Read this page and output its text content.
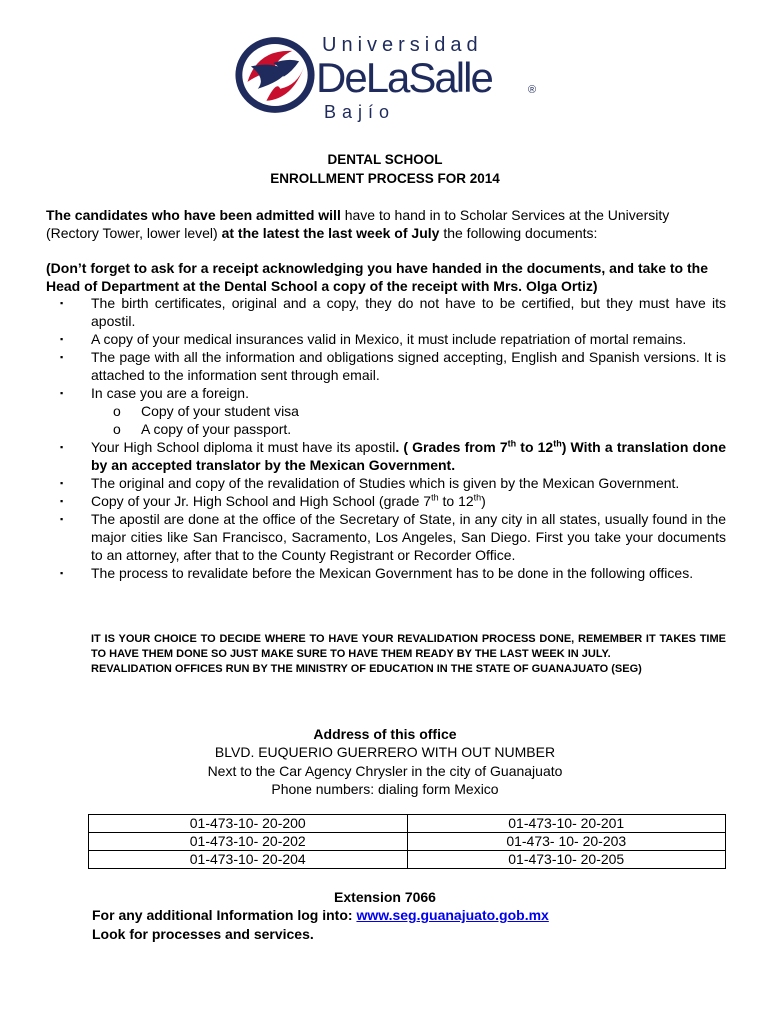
Universidad
DeLaSalle	®
Bajío
DENTAL SCHOOL
ENROLLMENT PROCESS FOR 2014

The candidates who have been admitted will have to hand in to Scholar Services at the University (Rectory Tower, lower level) at the latest the last week of July the following documents:

(Don’t forget to ask for a receipt acknowledging you have handed in the documents, and take to the Head of Department at the Dental School a copy of the receipt with Mrs. Olga Ortiz)

▪ The birth certificates, original and a copy, they do not have to be certified, but they must have its apostil.
▪ A copy of your medical insurances valid in Mexico, it must include repatriation of mortal remains.
▪ The page with all the information and obligations signed accepting, English and Spanish versions. It is attached to the information sent through email.
▪ In case you are a foreign.
o Copy of your student visa
o A copy of your passport.
▪ Your High School diploma it must have its apostil. ( Grades from 7th to 12th) With a translation done by an accepted translator by the Mexican Government.
▪ The original and copy of the revalidation of Studies which is given by the Mexican Government.
▪ Copy of your Jr. High School and High School (grade 7th to 12th)
▪ The apostil are done at the office of the Secretary of State, in any city in all states, usually found in the major cities like San Francisco, Sacramento, Los Angeles, San Diego. First you take your documents to an attorney, after that to the County Registrant or Recorder Office.
▪ The process to revalidate before the Mexican Government has to be done in the following offices.

IT IS YOUR CHOICE TO DECIDE WHERE TO HAVE YOUR REVALIDATION PROCESS DONE, REMEMBER IT TAKES TIME TO HAVE THEM DONE SO JUST MAKE SURE TO HAVE THEM READY BY THE LAST WEEK IN JULY.

REVALIDATION OFFICES RUN BY THE MINISTRY OF EDUCATION IN THE STATE OF GUANAJUATO (SEG)

Address of this office
BLVD. EUQUERIO GUERRERO WITH OUT NUMBER
Next to the Car Agency Chrysler in the city of Guanajuato
Phone numbers: dialing form Mexico
01-473-10- 20-200	01-473-10- 20-201
01-473-10- 20-202	01-473- 10- 20-203
01-473-10- 20-204	01-473-10- 20-205
Extension 7066
For any additional Information log into: www.seg.guanajuato.gob.mx
Look for processes and services.
